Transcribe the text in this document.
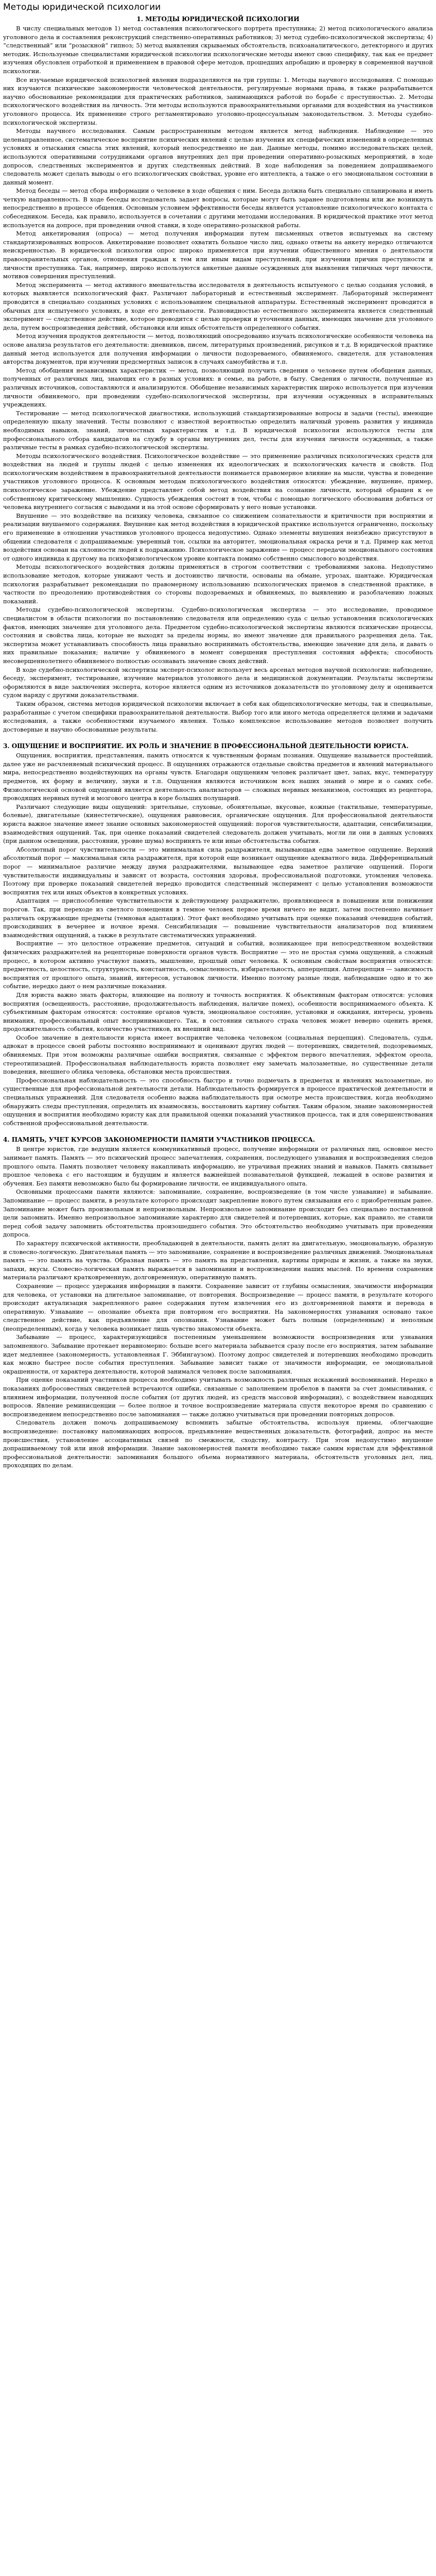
Методы юридической психологии
1. МЕТОДЫ ЮРИДИЧЕСКОЙ ПСИХОЛОГИИ

В числу специальных методов 1) метод составления психологического портрета преступника; 2) метод психологического анализа уголовного дела и составления реконструкций следственно-оперативных работников; 3) метод судебно-психологической экспертизы; 4) “следственный” или “розыскной” гипноз; 5) метод выявления скрываемых обстоятельств, психоаналитического, детекторного и других методик. Используемые специалистами юридической психологии психологические методы имеют свою специфику, так как ее предмет изучения обусловлен отработкой и применением в правовой сфере методов, прошедших апробацию и проверку в современной научной психологии.

Все изучаемые юридической психологией явления подразделяются на три группы: 1. Методы научного исследования. С помощью них изучаются психические закономерности человеческой деятельности, регулируемые нормами права, в также разрабатывается научно обоснованные рекомендации для практических работников, занимающихся работой по борьбе с преступностью. 2. Методы психологического воздействия на личность. Эти методы используются правоохранительными органами для воздействия на участников уголовного процесса. Их применение строго регламентировано уголовно-процессуальным законодательством. 3. Методы судебно-психологической экспертизы.

Методы научного исследования. Самым распространенным методом является метод наблюдения. Наблюдение — это целенаправленное, систематическое восприятие психических явлений с целью изучения их специфических изменений в определенных условиях и отыскания смысла этих явлений, который непосредственно не дан. Данные методы, помимо исследовательских целей, используются оперативными сотрудниками органов внутренних дел при проведении оперативно-розыскных мероприятий, в ходе допросов, следственных экспериментов и других следственных действий. В ходе наблюдения за поведением допрашиваемого следователь может сделать выводы о его психологических свойствах, уровне его интеллекта, а также о его эмоциональном состоянии в данный момент.

Метод беседы — метод сбора информации о человеке в ходе общения с ним. Беседа должна быть специально спланирована и иметь четкую направленность. В ходе беседы исследователь задает вопросы, которые могут быть заранее подготовлены или же возникнуть непосредственно в процессе общения. Основным условием эффективности беседы является установление психологического контакта с собеседником. Беседа, как правило, используется в сочетании с другими методами исследования. В юридической практике этот метод используется на допросе, при проведении очной ставки, в ходе оперативно-розыскной работы.

Метод анкетирования (опроса) — метод получения информации путем письменных ответов испытуемых на систему стандартизированных вопросов. Анкетирование позволяет охватить большое число лиц, однако ответы на анкету нередко отличаются неискренностью. В юридической психологии опрос широко применяется при изучении общественного мнения о деятельности правоохранительных органов, отношения граждан к тем или иным видам преступлений, при изучении причин преступности и личности преступника. Так, например, широко используются анкетные данные осужденных для выявления типичных черт личности, мотивов совершения преступлений.

Метод эксперимента — метод активного вмешательства исследователя в деятельность испытуемого с целью создания условий, в которых выявляется психологический факт. Различают лабораторный и естественный эксперимент. Лабораторный эксперимент проводится в специально созданных условиях с использованием специальной аппаратуры. Естественный эксперимент проводится в обычных для испытуемого условиях, в ходе его деятельности. Разновидностью естественного эксперимента является следственный эксперимент — следственное действие, которое проводится с целью проверки и уточнения данных, имеющих значение для уголовного дела, путем воспроизведения действий, обстановки или иных обстоятельств определенного события.

Метод изучения продуктов деятельности — метод, позволяющий опосредованно изучать психологические особенности человека на основе анализа результатов его деятельности: дневников, писем, литературных произведений, рисунков и т.д. В юридической практике данный метод используется для получения информации о личности подозреваемого, обвиняемого, свидетеля, для установления авторства документов, при изучении предсмертных записок в случаях самоубийства и т.п.

Метод обобщения независимых характеристик — метод, позволяющий получить сведения о человеке путем обобщения данных, полученных от различных лиц, знающих его в разных условиях: в семье, на работе, в быту. Сведения о личности, полученные из различных источников, сопоставляются и анализируются. Обобщение независимых характеристик широко используется при изучении личности обвиняемого, при проведении судебно-психологической экспертизы, при изучении осужденных в исправительных учреждениях.

Тестирование — метод психологической диагностики, использующий стандартизированные вопросы и задачи (тесты), имеющие определенную шкалу значений. Тесты позволяют с известной вероятностью определить наличный уровень развития у индивида необходимых навыков, знаний, личностных характеристик и т.д. В юридической психологии используются тесты для профессионального отбора кандидатов на службу в органы внутренних дел, тесты для изучения личности осужденных, а также различные тесты в рамках судебно-психологической экспертизы.

Методы психологического воздействия. Психологическое воздействие — это применение различных психологических средств для воздействия на людей и группы людей с целью изменения их идеологических и психологических качеств и свойств. Под психологическим воздействием в правоохранительной деятельности понимается правомерное влияние на мысли, чувства и поведение участников уголовного процесса. К основным методам психологического воздействия относятся: убеждение, внушение, пример, психологическое заражение. Убеждение представляет собой метод воздействия на сознание личности, который обращен к ее собственному критическому мышлению. Сущность убеждения состоит в том, чтобы с помощью логического обоснования добиться от человека внутреннего согласия с выводами и на этой основе сформировать у него новые установки.

Внушение — это воздействие на психику человека, связанное со снижением сознательности и критичности при восприятии и реализации внушаемого содержания. Внушение как метод воздействия в юридической практике используется ограниченно, поскольку его применение в отношении участников уголовного процесса недопустимо. Однако элементы внушения неизбежно присутствуют в общении следователя с допрашиваемым: уверенный тон, ссылки на авторитет, эмоциональная окраска речи и т.д. Пример как метод воздействия основан на склонности людей к подражанию. Психологическое заражение — процесс передачи эмоционального состояния от одного индивида к другому на психофизиологическом уровне контакта помимо собственно смыслового воздействия.

Методы психологического воздействия должны применяться в строгом соответствии с требованиями закона. Недопустимо использование методов, которые унижают честь и достоинство личности, основаны на обмане, угрозах, шантаже. Юридическая психология разрабатывает рекомендации по правомерному использованию психологических приемов в следственной практике, в частности по преодолению противодействия со стороны подозреваемых и обвиняемых, по выявлению и разоблачению ложных показаний.

Методы судебно-психологической экспертизы. Судебно-психологическая экспертиза — это исследование, проводимое специалистом в области психологии по постановлению следователя или определению суда с целью установления психологических фактов, имеющих значение для уголовного дела. Предметом судебно-психологической экспертизы являются психические процессы, состояния и свойства лица, которые не выходят за пределы нормы, но имеют значение для правильного разрешения дела. Так, экспертиза может устанавливать способность лица правильно воспринимать обстоятельства, имеющие значение для дела, и давать о них правильные показания; наличие у обвиняемого в момент совершения преступления состояния аффекта; способность несовершеннолетнего обвиняемого полностью осознавать значение своих действий.

В ходе судебно-психологической экспертизы эксперт-психолог использует весь арсенал методов научной психологии: наблюдение, беседу, эксперимент, тестирование, изучение материалов уголовного дела и медицинской документации. Результаты экспертизы оформляются в виде заключения эксперта, которое является одним из источников доказательств по уголовному делу и оценивается судом наряду с другими доказательствами.

Таким образом, система методов юридической психологии включает в себя как общепсихологические методы, так и специальные, разработанные с учетом специфики правоохранительной деятельности. Выбор того или иного метода определяется целями и задачами исследования, а также особенностями изучаемого явления. Только комплексное использование методов позволяет получить достоверные и научно обоснованные результаты.

3. ОЩУЩЕНИЕ И ВОСПРИЯТИЕ. ИХ РОЛЬ И ЗНАЧЕНИЕ В ПРОФЕССИОНАЛЬНОЙ ДЕЯТЕЛЬНОСТИ ЮРИСТА.

Ощущения, восприятия, представления, память относятся к чувственным формам познания. Ощущение называется простейший, далее уже не расчленяемый психический процесс. В ощущениях отражаются отдельные свойства предметов и явлений материального мира, непосредственно воздействующих на органы чувств. Благодаря ощущениям человек различает цвет, запах, вкус, температуру предметов, их форму и величину, звуки и т.п. Ощущения являются источником всех наших знаний о мире и о самих себе. Физиологической основой ощущений является деятельность анализаторов — сложных нервных механизмов, состоящих из рецептора, проводящих нервных путей и мозгового центра в коре больших полушарий.

Различают следующие виды ощущений: зрительные, слуховые, обонятельные, вкусовые, кожные (тактильные, температурные, болевые), двигательные (кинестетические), ощущения равновесия, органические ощущения. Для профессиональной деятельности юриста важное значение имеет знание основных закономерностей ощущений: порогов чувствительности, адаптации, сенсибилизации, взаимодействия ощущений. Так, при оценке показаний свидетелей следователь должен учитывать, могли ли они в данных условиях (при данном освещении, расстоянии, уровне шума) воспринять те или иные обстоятельства события.

Абсолютный порог чувствительности — это минимальная сила раздражителя, вызывающая едва заметное ощущение. Верхний абсолютный порог — максимальная сила раздражителя, при которой еще возникает ощущение адекватного вида. Дифференциальный порог — минимальное различие между двумя раздражителями, вызывающее едва заметное различие ощущений. Пороги чувствительности индивидуальны и зависят от возраста, состояния здоровья, профессиональной подготовки, утомления человека. Поэтому при проверке показаний свидетелей нередко проводится следственный эксперимент с целью установления возможности восприятия тех или иных объектов в конкретных условиях.

Адаптация — приспособление чувствительности к действующему раздражителю, проявляющееся в повышении или понижении порогов. Так, при переходе из светлого помещения в темное человек первое время ничего не видит, затем постепенно начинает различать окружающие предметы (темновая адаптация). Этот факт необходимо учитывать при оценке показаний очевидцев событий, происходивших в вечернее и ночное время. Сенсибилизация — повышение чувствительности анализаторов под влиянием взаимодействия ощущений, а также в результате систематических упражнений.

Восприятие — это целостное отражение предметов, ситуаций и событий, возникающее при непосредственном воздействии физических раздражителей на рецепторные поверхности органов чувств. Восприятие — это не простая сумма ощущений, а сложный процесс, в котором активно участвуют память, мышление, прошлый опыт человека. К основным свойствам восприятия относятся: предметность, целостность, структурность, константность, осмысленность, избирательность, апперцепция. Апперцепция — зависимость восприятия от прошлого опыта, знаний, интересов, установок личности. Именно поэтому разные люди, наблюдавшие одно и то же событие, нередко дают о нем различные показания.

Для юриста важно знать факторы, влияющие на полноту и точность восприятия. К объективным факторам относятся: условия восприятия (освещенность, расстояние, продолжительность наблюдения, наличие помех), особенности воспринимаемого объекта. К субъективным факторам относятся: состояние органов чувств, эмоциональное состояние, установки и ожидания, интересы, уровень внимания, профессиональный опыт воспринимающего. Так, в состоянии сильного страха человек может неверно оценить время, продолжительность события, количество участников, их внешний вид.

Особое значение в деятельности юриста имеет восприятие человека человеком (социальная перцепция). Следователь, судья, адвокат в процессе своей работы постоянно воспринимают и оценивают других людей — потерпевших, свидетелей, подозреваемых, обвиняемых. При этом возможны различные ошибки восприятия, связанные с эффектом первого впечатления, эффектом ореола, стереотипизацией. Профессиональная наблюдательность юриста позволяет ему замечать малозаметные, но существенные детали поведения, внешнего облика человека, обстановки места происшествия.

Профессиональная наблюдательность — это способность быстро и точно подмечать в предметах и явлениях малозаметные, но существенные для профессиональной деятельности детали. Наблюдательность формируется в процессе практической деятельности и специальных упражнений. Для следователя особенно важна наблюдательность при осмотре места происшествия, когда необходимо обнаружить следы преступления, определить их взаимосвязь, восстановить картину события. Таким образом, знание закономерностей ощущения и восприятия необходимо юристу как для правильной оценки показаний участников процесса, так и для совершенствования собственной профессиональной деятельности.

4. ПАМЯТЬ, УЧЕТ КУРСОВ ЗАКОНОМЕРНОСТИ ПАМЯТИ УЧАСТНИКОВ ПРОЦЕССА.

В центре юристов, где ведущим является коммуникативный процесс, получение информации от различных лиц, основное место занимает память. Память — это психический процесс запечатления, сохранения, последующего узнавания и воспроизведения следов прошлого опыта. Память позволяет человеку накапливать информацию, не утрачивая прежних знаний и навыков. Память связывает прошлое человека с его настоящим и будущим и является важнейшей познавательной функцией, лежащей в основе развития и обучения. Без памяти невозможно было бы формирование личности, ее индивидуального опыта.

Основными процессами памяти являются: запоминание, сохранение, воспроизведение (в том числе узнавание) и забывание. Запоминание — процесс памяти, в результате которого происходит закрепление нового путем связывания его с приобретенным ранее. Запоминание может быть произвольным и непроизвольным. Непроизвольное запоминание происходит без специально поставленной цели запомнить. Именно непроизвольное запоминание характерно для свидетелей и потерпевших, которые, как правило, не ставили перед собой задачу запомнить обстоятельства произошедшего события. Это обстоятельство необходимо учитывать при проведении допроса.

По характеру психической активности, преобладающей в деятельности, память делят на двигательную, эмоциональную, образную и словесно-логическую. Двигательная память — это запоминание, сохранение и воспроизведение различных движений. Эмоциональная память — это память на чувства. Образная память — это память на представления, картины природы и жизни, а также на звуки, запахи, вкусы. Словесно-логическая память выражается в запоминании и воспроизведении наших мыслей. По времени сохранения материала различают кратковременную, долговременную, оперативную память.

Сохранение — процесс удержания информации в памяти. Сохранение зависит от глубины осмысления, значимости информации для человека, от установки на длительное запоминание, от повторения. Воспроизведение — процесс памяти, в результате которого происходит актуализация закрепленного ранее содержания путем извлечения его из долговременной памяти и перевода в оперативную. Узнавание — опознание объекта при повторном его восприятии. На закономерностях узнавания основано такое следственное действие, как предъявление для опознания. Узнавание может быть полным (определенным) и неполным (неопределенным), когда у человека возникает лишь чувство знакомости объекта.

Забывание — процесс, характеризующийся постепенным уменьшением возможности воспроизведения или узнавания запомненного. Забывание протекает неравномерно: больше всего материала забывается сразу после его восприятия, затем забывание идет медленнее (закономерность, установленная Г. Эббингаузом). Поэтому допрос свидетелей и потерпевших необходимо проводить как можно быстрее после события преступления. Забывание зависит также от значимости информации, ее эмоциональной окрашенности, от характера деятельности, которой занимался человек после запоминания.

При оценке показаний участников процесса необходимо учитывать возможность различных искажений воспоминаний. Нередко в показаниях добросовестных свидетелей встречаются ошибки, связанные с заполнением пробелов в памяти за счет домысливания, с влиянием информации, полученной после события (от других людей, из средств массовой информации), с воздействием наводящих вопросов. Явление реминисценции — более полное и точное воспроизведение материала спустя некоторое время по сравнению с воспроизведением непосредственно после запоминания — также должно учитываться при проведении повторных допросов.

Следователь должен помочь допрашиваемому вспомнить забытые обстоятельства, используя приемы, облегчающие воспроизведение: постановку напоминающих вопросов, предъявление вещественных доказательств, фотографий, допрос на месте происшествия, установление ассоциативных связей по смежности, сходству, контрасту. При этом недопустимо внушение допрашиваемому той или иной информации. Знание закономерностей памяти необходимо также самим юристам для эффективной профессиональной деятельности: запоминания большого объема нормативного материала, обстоятельств уголовных дел, лиц, проходящих по делам.
